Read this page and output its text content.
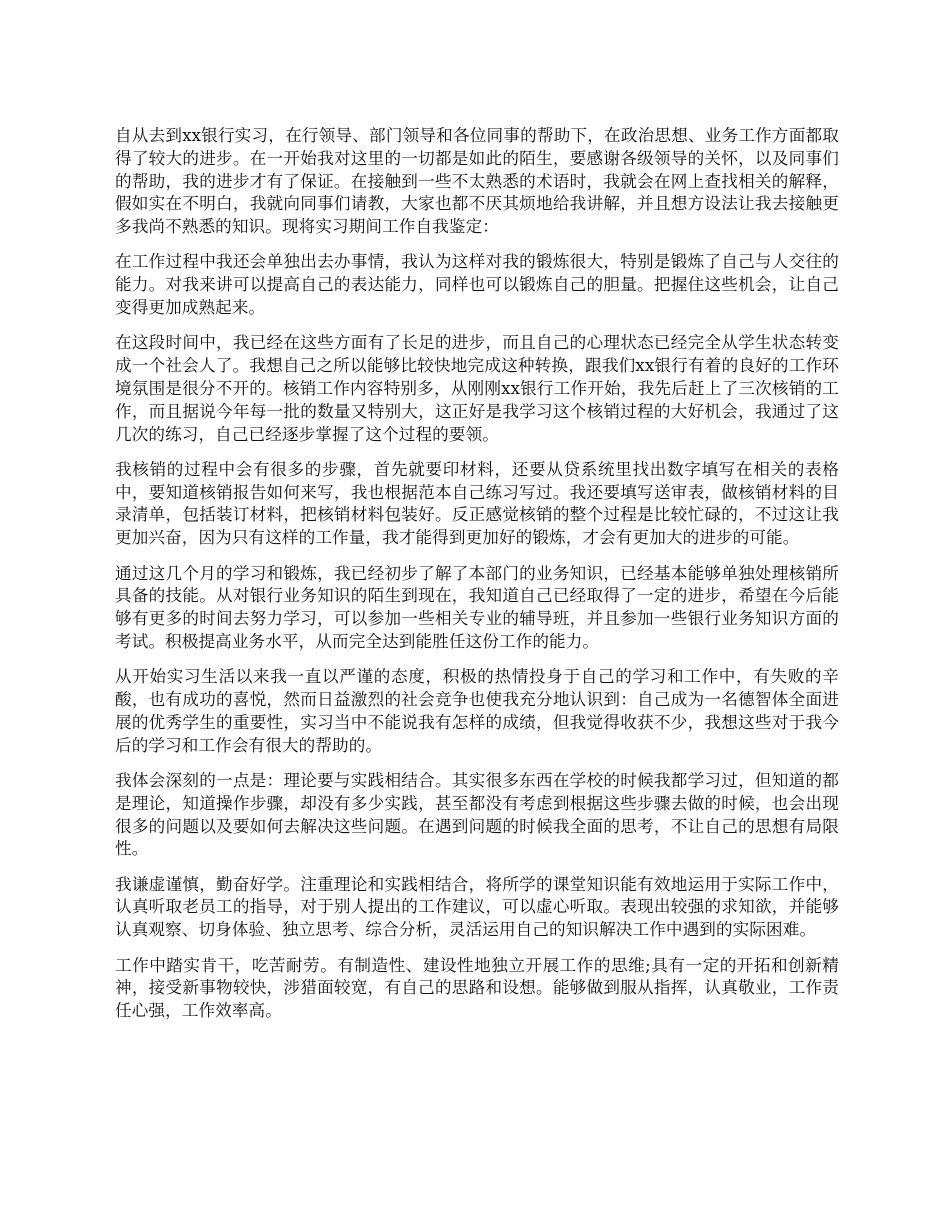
自从去到xx银行实习，在行领导、部门领导和各位同事的帮助下，在政治思想、业务工作方面都取得了较大的进步。在一开始我对这里的一切都是如此的陌生，要感谢各级领导的关怀，以及同事们的帮助，我的进步才有了保证。在接触到一些不太熟悉的术语时，我就会在网上查找相关的解释，假如实在不明白，我就向同事们请教，大家也都不厌其烦地给我讲解，并且想方设法让我去接触更多我尚不熟悉的知识。现将实习期间工作自我鉴定：

在工作过程中我还会单独出去办事情，我认为这样对我的锻炼很大，特别是锻炼了自己与人交往的能力。对我来讲可以提高自己的表达能力，同样也可以锻炼自己的胆量。把握住这些机会，让自己变得更加成熟起来。

在这段时间中，我已经在这些方面有了长足的进步，而且自己的心理状态已经完全从学生状态转变成一个社会人了。我想自己之所以能够比较快地完成这种转换，跟我们xx银行有着的良好的工作环境氛围是很分不开的。核销工作内容特别多，从刚刚xx银行工作开始，我先后赶上了三次核销的工作，而且据说今年每一批的数量又特别大，这正好是我学习这个核销过程的大好机会，我通过了这几次的练习，自己已经逐步掌握了这个过程的要领。

我核销的过程中会有很多的步骤，首先就要印材料，还要从贷系统里找出数字填写在相关的表格中，要知道核销报告如何来写，我也根据范本自己练习写过。我还要填写送审表，做核销材料的目录清单，包括装订材料，把核销材料包装好。反正感觉核销的整个过程是比较忙碌的，不过这让我更加兴奋，因为只有这样的工作量，我才能得到更加好的锻炼，才会有更加大的进步的可能。

通过这几个月的学习和锻炼，我已经初步了解了本部门的业务知识，已经基本能够单独处理核销所具备的技能。从对银行业务知识的陌生到现在，我知道自己已经取得了一定的进步，希望在今后能够有更多的时间去努力学习，可以参加一些相关专业的辅导班，并且参加一些银行业务知识方面的考试。积极提高业务水平，从而完全达到能胜任这份工作的能力。

从开始实习生活以来我一直以严谨的态度，积极的热情投身于自己的学习和工作中，有失败的辛酸，也有成功的喜悦，然而日益激烈的社会竞争也使我充分地认识到：自己成为一名德智体全面进展的优秀学生的重要性，实习当中不能说我有怎样的成绩，但我觉得收获不少，我想这些对于我今后的学习和工作会有很大的帮助的。

我体会深刻的一点是：理论要与实践相结合。其实很多东西在学校的时候我都学习过，但知道的都是理论，知道操作步骤，却没有多少实践，甚至都没有考虑到根据这些步骤去做的时候，也会出现很多的问题以及要如何去解决这些问题。在遇到问题的时候我全面的思考，不让自己的思想有局限性。

我谦虚谨慎，勤奋好学。注重理论和实践相结合，将所学的课堂知识能有效地运用于实际工作中，认真听取老员工的指导，对于别人提出的工作建议，可以虚心听取。表现出较强的求知欲，并能够认真观察、切身体验、独立思考、综合分析，灵活运用自己的知识解决工作中遇到的实际困难。

工作中踏实肯干，吃苦耐劳。有制造性、建设性地独立开展工作的思维;具有一定的开拓和创新精神，接受新事物较快，涉猎面较宽，有自己的思路和设想。能够做到服从指挥，认真敬业，工作责任心强，工作效率高。
